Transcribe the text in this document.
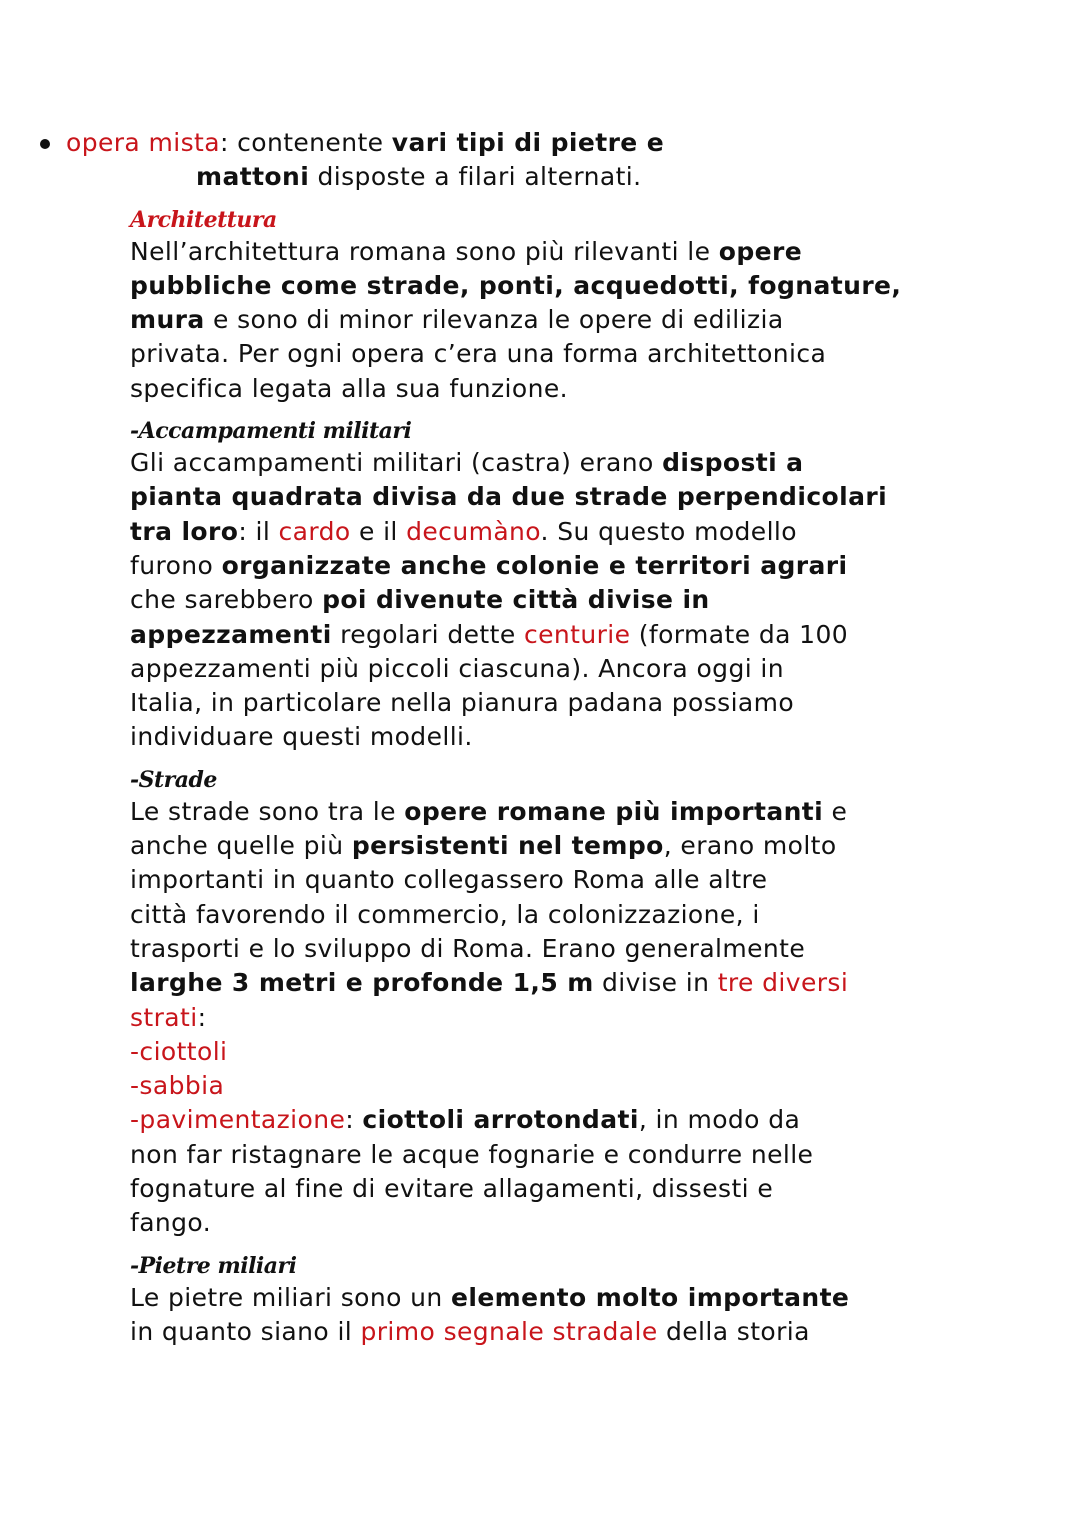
opera mista: contenente vari tipi di pietre e
mattoni disposte a filari alternati.
Architettura
Nell’architettura romana sono più rilevanti le opere
pubbliche come strade, ponti, acquedotti, fognature,
mura e sono di minor rilevanza le opere di edilizia
privata. Per ogni opera c’era una forma architettonica
specifica legata alla sua funzione.
-Accampamenti militari
Gli accampamenti militari (castra) erano disposti a
pianta quadrata divisa da due strade perpendicolari
tra loro: il cardo e il decumàno. Su questo modello
furono organizzate anche colonie e territori agrari
che sarebbero poi divenute città divise in
appezzamenti regolari dette centurie (formate da 100
appezzamenti più piccoli ciascuna). Ancora oggi in
Italia, in particolare nella pianura padana possiamo
individuare questi modelli.
-Strade
Le strade sono tra le opere romane più importanti e
anche quelle più persistenti nel tempo, erano molto
importanti in quanto collegassero Roma alle altre
città favorendo il commercio, la colonizzazione, i
trasporti e lo sviluppo di Roma. Erano generalmente
larghe 3 metri e profonde 1,5 m divise in tre diversi
strati:
-ciottoli
-sabbia
-pavimentazione: ciottoli arrotondati, in modo da
non far ristagnare le acque fognarie e condurre nelle
fognature al fine di evitare allagamenti, dissesti e
fango.
-Pietre miliari
Le pietre miliari sono un elemento molto importante
in quanto siano il primo segnale stradale della storia
